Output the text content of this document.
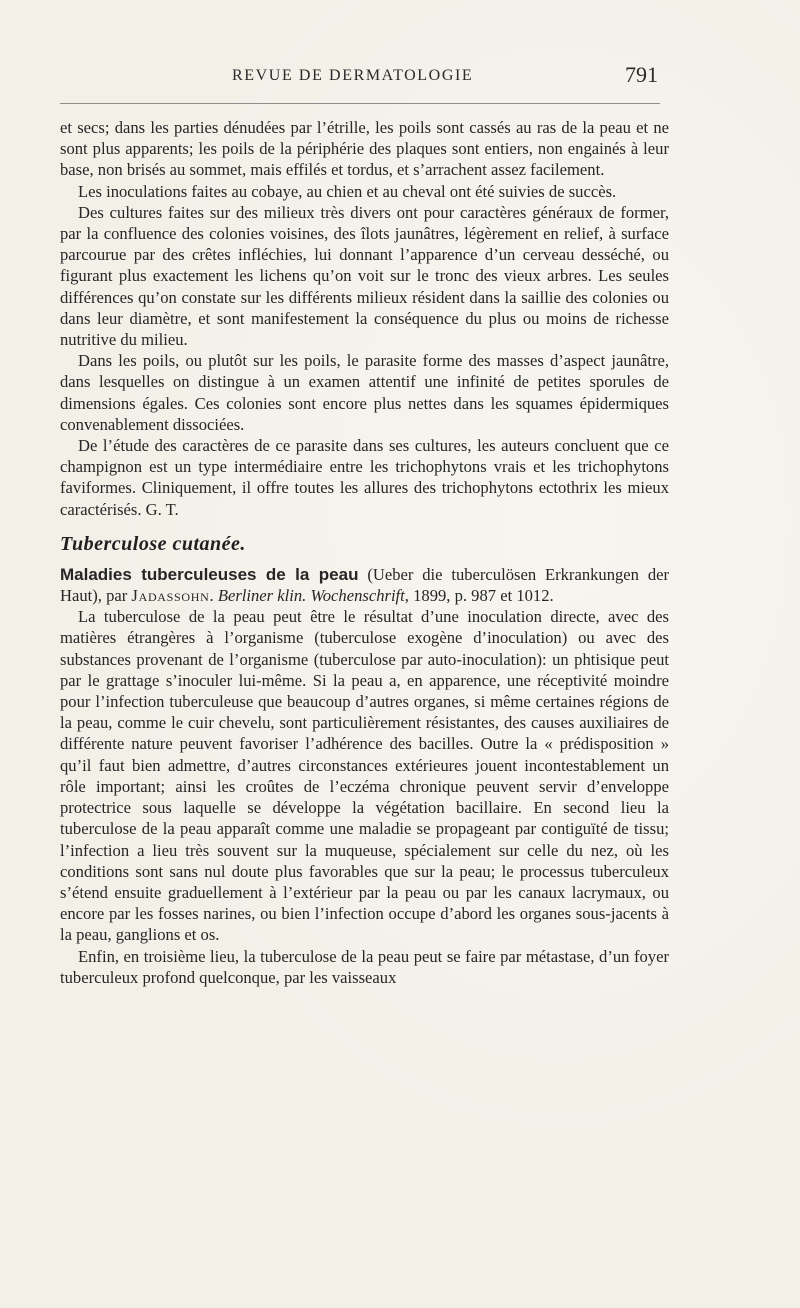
REVUE DE DERMATOLOGIE	791

et secs; dans les parties dénudées par l’étrille, les poils sont cassés au ras de la peau et ne sont plus apparents; les poils de la périphérie des plaques sont entiers, non engainés à leur base, non brisés au sommet, mais effilés et tordus, et s’arrachent assez facilement.

Les inoculations faites au cobaye, au chien et au cheval ont été suivies de succès.

Des cultures faites sur des milieux très divers ont pour caractères généraux de former, par la confluence des colonies voisines, des îlots jaunâtres, légèrement en relief, à surface parcourue par des crêtes infléchies, lui donnant l’apparence d’un cerveau desséché, ou figurant plus exactement les lichens qu’on voit sur le tronc des vieux arbres. Les seules différences qu’on constate sur les différents milieux résident dans la saillie des colonies ou dans leur diamètre, et sont manifestement la conséquence du plus ou moins de richesse nutritive du milieu.

Dans les poils, ou plutôt sur les poils, le parasite forme des masses d’aspect jaunâtre, dans lesquelles on distingue à un examen attentif une infinité de petites sporules de dimensions égales. Ces colonies sont encore plus nettes dans les squames épidermiques convenablement dissociées.

De l’étude des caractères de ce parasite dans ses cultures, les auteurs concluent que ce champignon est un type intermédiaire entre les trichophytons vrais et les trichophytons faviformes. Cliniquement, il offre toutes les allures des trichophytons ectothrix les mieux caractérisés. G. T.

Tuberculose cutanée.

Maladies tuberculeuses de la peau (Ueber die tuberculösen Erkrankungen der Haut), par Jadassohn. Berliner klin. Wochenschrift, 1899, p. 987 et 1012.

La tuberculose de la peau peut être le résultat d’une inoculation directe, avec des matières étrangères à l’organisme (tuberculose exogène d’inoculation) ou avec des substances provenant de l’organisme (tuberculose par auto-inoculation): un phtisique peut par le grattage s’inoculer lui-même. Si la peau a, en apparence, une réceptivité moindre pour l’infection tuberculeuse que beaucoup d’autres organes, si même certaines régions de la peau, comme le cuir chevelu, sont particulièrement résistantes, des causes auxiliaires de différente nature peuvent favoriser l’adhérence des bacilles. Outre la « prédisposition » qu’il faut bien admettre, d’autres circonstances extérieures jouent incontestablement un rôle important; ainsi les croûtes de l’eczéma chronique peuvent servir d’enveloppe protectrice sous laquelle se développe la végétation bacillaire. En second lieu la tuberculose de la peau apparaît comme une maladie se propageant par contiguïté de tissu; l’infection a lieu très souvent sur la muqueuse, spécialement sur celle du nez, où les conditions sont sans nul doute plus favorables que sur la peau; le processus tuberculeux s’étend ensuite graduellement à l’extérieur par la peau ou par les canaux lacrymaux, ou encore par les fosses narines, ou bien l’infection occupe d’abord les organes sous-jacents à la peau, ganglions et os.

Enfin, en troisième lieu, la tuberculose de la peau peut se faire par métastase, d’un foyer tuberculeux profond quelconque, par les vaisseaux
